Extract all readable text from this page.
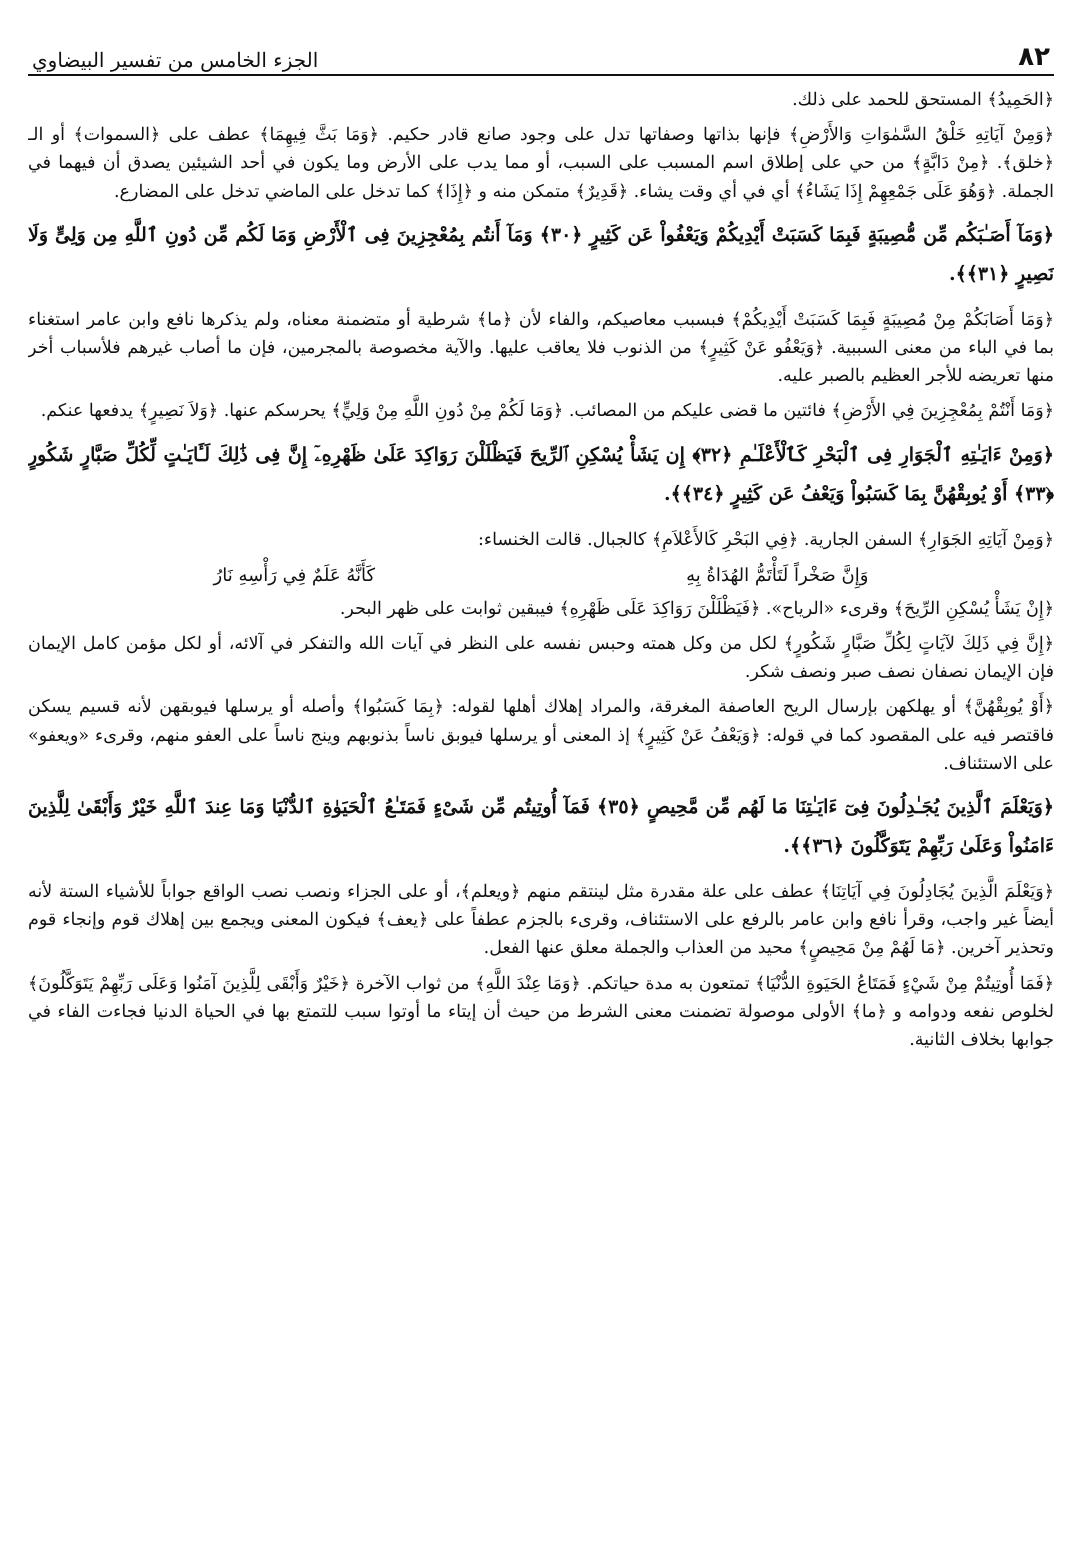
٨٢
الجزء الخامس من تفسير البيضاوي

﴿الحَمِيدُ﴾ المستحق للحمد على ذلك.

﴿وَمِنْ آيَاتِهِ خَلْقُ السَّمٰوَاتِ وَالأَرْضِ﴾ فإنها بذاتها وصفاتها تدل على وجود صانع قادر حكيم. ﴿وَمَا بَثَّ فِيهِمَا﴾ عطف على ﴿السموات﴾ أو الـ ﴿خلق﴾. ﴿مِنْ دَابَّةٍ﴾ من حي على إطلاق اسم المسبب على السبب، أو مما يدب على الأرض وما يكون في أحد الشيئين يصدق أن فيهما في الجملة. ﴿وَهُوَ عَلَى جَمْعِهِمْ إِذَا يَشَاءُ﴾ أي في أي وقت يشاء. ﴿قَدِيرٌ﴾ متمكن منه و ﴿إِذَا﴾ كما تدخل على الماضي تدخل على المضارع.

﴿وَمَآ أَصَـٰبَكُم مِّن مُّصِيبَةٍ فَبِمَا كَسَبَتْ أَيْدِيكُمْ وَيَعْفُواْ عَن كَثِيرٍ ﴿٣٠﴾ وَمَآ أَنتُم بِمُعْجِزِينَ فِى ٱلْأَرْضِ وَمَا لَكُم مِّن دُونِ ٱللَّهِ مِن وَلِىٍّ وَلَا نَصِيرٍ ﴿٣١﴾﴾.

﴿وَمَا أَصَابَكُمْ مِنْ مُصِيبَةٍ فَبِمَا كَسَبَتْ أَيْدِيكُمْ﴾ فبسبب معاصيكم، والفاء لأن ﴿ما﴾ شرطية أو متضمنة معناه، ولم يذكرها نافع وابن عامر استغناء بما في الباء من معنى السببية. ﴿وَيَعْفُو عَنْ كَثِيرٍ﴾ من الذنوب فلا يعاقب عليها. والآية مخصوصة بالمجرمين، فإن ما أصاب غيرهم فلأسباب أخر منها تعريضه للأجر العظيم بالصبر عليه.

﴿وَمَا أَنْتُمْ بِمُعْجِزِينَ فِي الأَرْضِ﴾ فائتين ما قضى عليكم من المصائب. ﴿وَمَا لَكُمْ مِنْ دُونِ اللَّهِ مِنْ وَلِيٍّ﴾ يحرسكم عنها. ﴿وَلاَ نَصِيرٍ﴾ يدفعها عنكم.

﴿وَمِنْ ءَايَـٰتِهِ ٱلْجَوَارِ فِى ٱلْبَحْرِ كَٱلْأَعْلَـٰمِ ﴿٣٢﴾ إِن يَشَأْ يُسْكِنِ ٱلرِّيحَ فَيَظْلَلْنَ رَوَاكِدَ عَلَىٰ ظَهْرِهِۦٓ إِنَّ فِى ذَٰلِكَ لَـَٔايَـٰتٍ لِّكُلِّ صَبَّارٍ شَكُورٍ ﴿٣٣﴾ أَوْ يُوبِقْهُنَّ بِمَا كَسَبُواْ وَيَعْفُ عَن كَثِيرٍ ﴿٣٤﴾﴾.

﴿وَمِنْ آيَاتِهِ الجَوَارِ﴾ السفن الجارية. ﴿فِي البَحْرِ كَالأَعْلاَمِ﴾ كالجبال. قالت الخنساء:

وَإِنَّ صَخْراً لَتَأْتَمُّ الهُدَاةُ بِهِ
كَأَنَّهُ عَلَمٌ فِي رَأْسِهِ نَارُ

﴿إِنْ يَشَأْ يُسْكِنِ الرِّيحَ﴾ وقرىء «الرياح». ﴿فَيَظْلَلْنَ رَوَاكِدَ عَلَى ظَهْرِهِ﴾ فيبقين ثوابت على ظهر البحر.

﴿إِنَّ فِي ذَلِكَ لآيَاتٍ لِكُلِّ صَبَّارٍ شَكُورٍ﴾ لكل من وكل همته وحبس نفسه على النظر في آيات الله والتفكر في آلائه، أو لكل مؤمن كامل الإيمان فإن الإيمان نصفان نصف صبر ونصف شكر.

﴿أَوْ يُوبِقْهُنَّ﴾ أو يهلكهن بإرسال الريح العاصفة المغرقة، والمراد إهلاك أهلها لقوله: ﴿بِمَا كَسَبُوا﴾ وأصله أو يرسلها فيوبقهن لأنه قسيم يسكن فاقتصر فيه على المقصود كما في قوله: ﴿وَيَعْفُ عَنْ كَثِيرٍ﴾ إذ المعنى أو يرسلها فيوبق ناساً بذنوبهم وينج ناساً على العفو منهم، وقرىء «ويعفو» على الاستئناف.

﴿وَيَعْلَمَ ٱلَّذِينَ يُجَـٰدِلُونَ فِىٓ ءَايَـٰتِنَا مَا لَهُم مِّن مَّحِيصٍ ﴿٣٥﴾ فَمَآ أُوتِيتُم مِّن شَىْءٍ فَمَتَـٰعُ ٱلْحَيَوٰةِ ٱلدُّنْيَا وَمَا عِندَ ٱللَّهِ خَيْرٌ وَأَبْقَىٰ لِلَّذِينَ ءَامَنُواْ وَعَلَىٰ رَبِّهِمْ يَتَوَكَّلُونَ ﴿٣٦﴾﴾.

﴿وَيَعْلَمَ الَّذِينَ يُجَادِلُونَ فِي آيَاتِنَا﴾ عطف على علة مقدرة مثل لينتقم منهم ﴿ويعلم﴾، أو على الجزاء ونصب نصب الواقع جواباً للأشياء الستة لأنه أيضاً غير واجب، وقرأ نافع وابن عامر بالرفع على الاستئناف، وقرىء بالجزم عطفاً على ﴿يعف﴾ فيكون المعنى ويجمع بين إهلاك قوم وإنجاء قوم وتحذير آخرين. ﴿مَا لَهُمْ مِنْ مَحِيصٍ﴾ محيد من العذاب والجملة معلق عنها الفعل.

﴿فَمَا أُوتِيتُمْ مِنْ شَيْءٍ فَمَتَاعُ الحَيَوةِ الدُّنْيَا﴾ تمتعون به مدة حياتكم. ﴿وَمَا عِنْدَ اللَّهِ﴾ من ثواب الآخرة ﴿خَيْرٌ وَأَبْقَى لِلَّذِينَ آمَنُوا وَعَلَى رَبِّهِمْ يَتَوَكَّلُونَ﴾ لخلوص نفعه ودوامه و ﴿ما﴾ الأولى موصولة تضمنت معنى الشرط من حيث أن إيتاء ما أوتوا سبب للتمتع بها في الحياة الدنيا فجاءت الفاء في جوابها بخلاف الثانية.
